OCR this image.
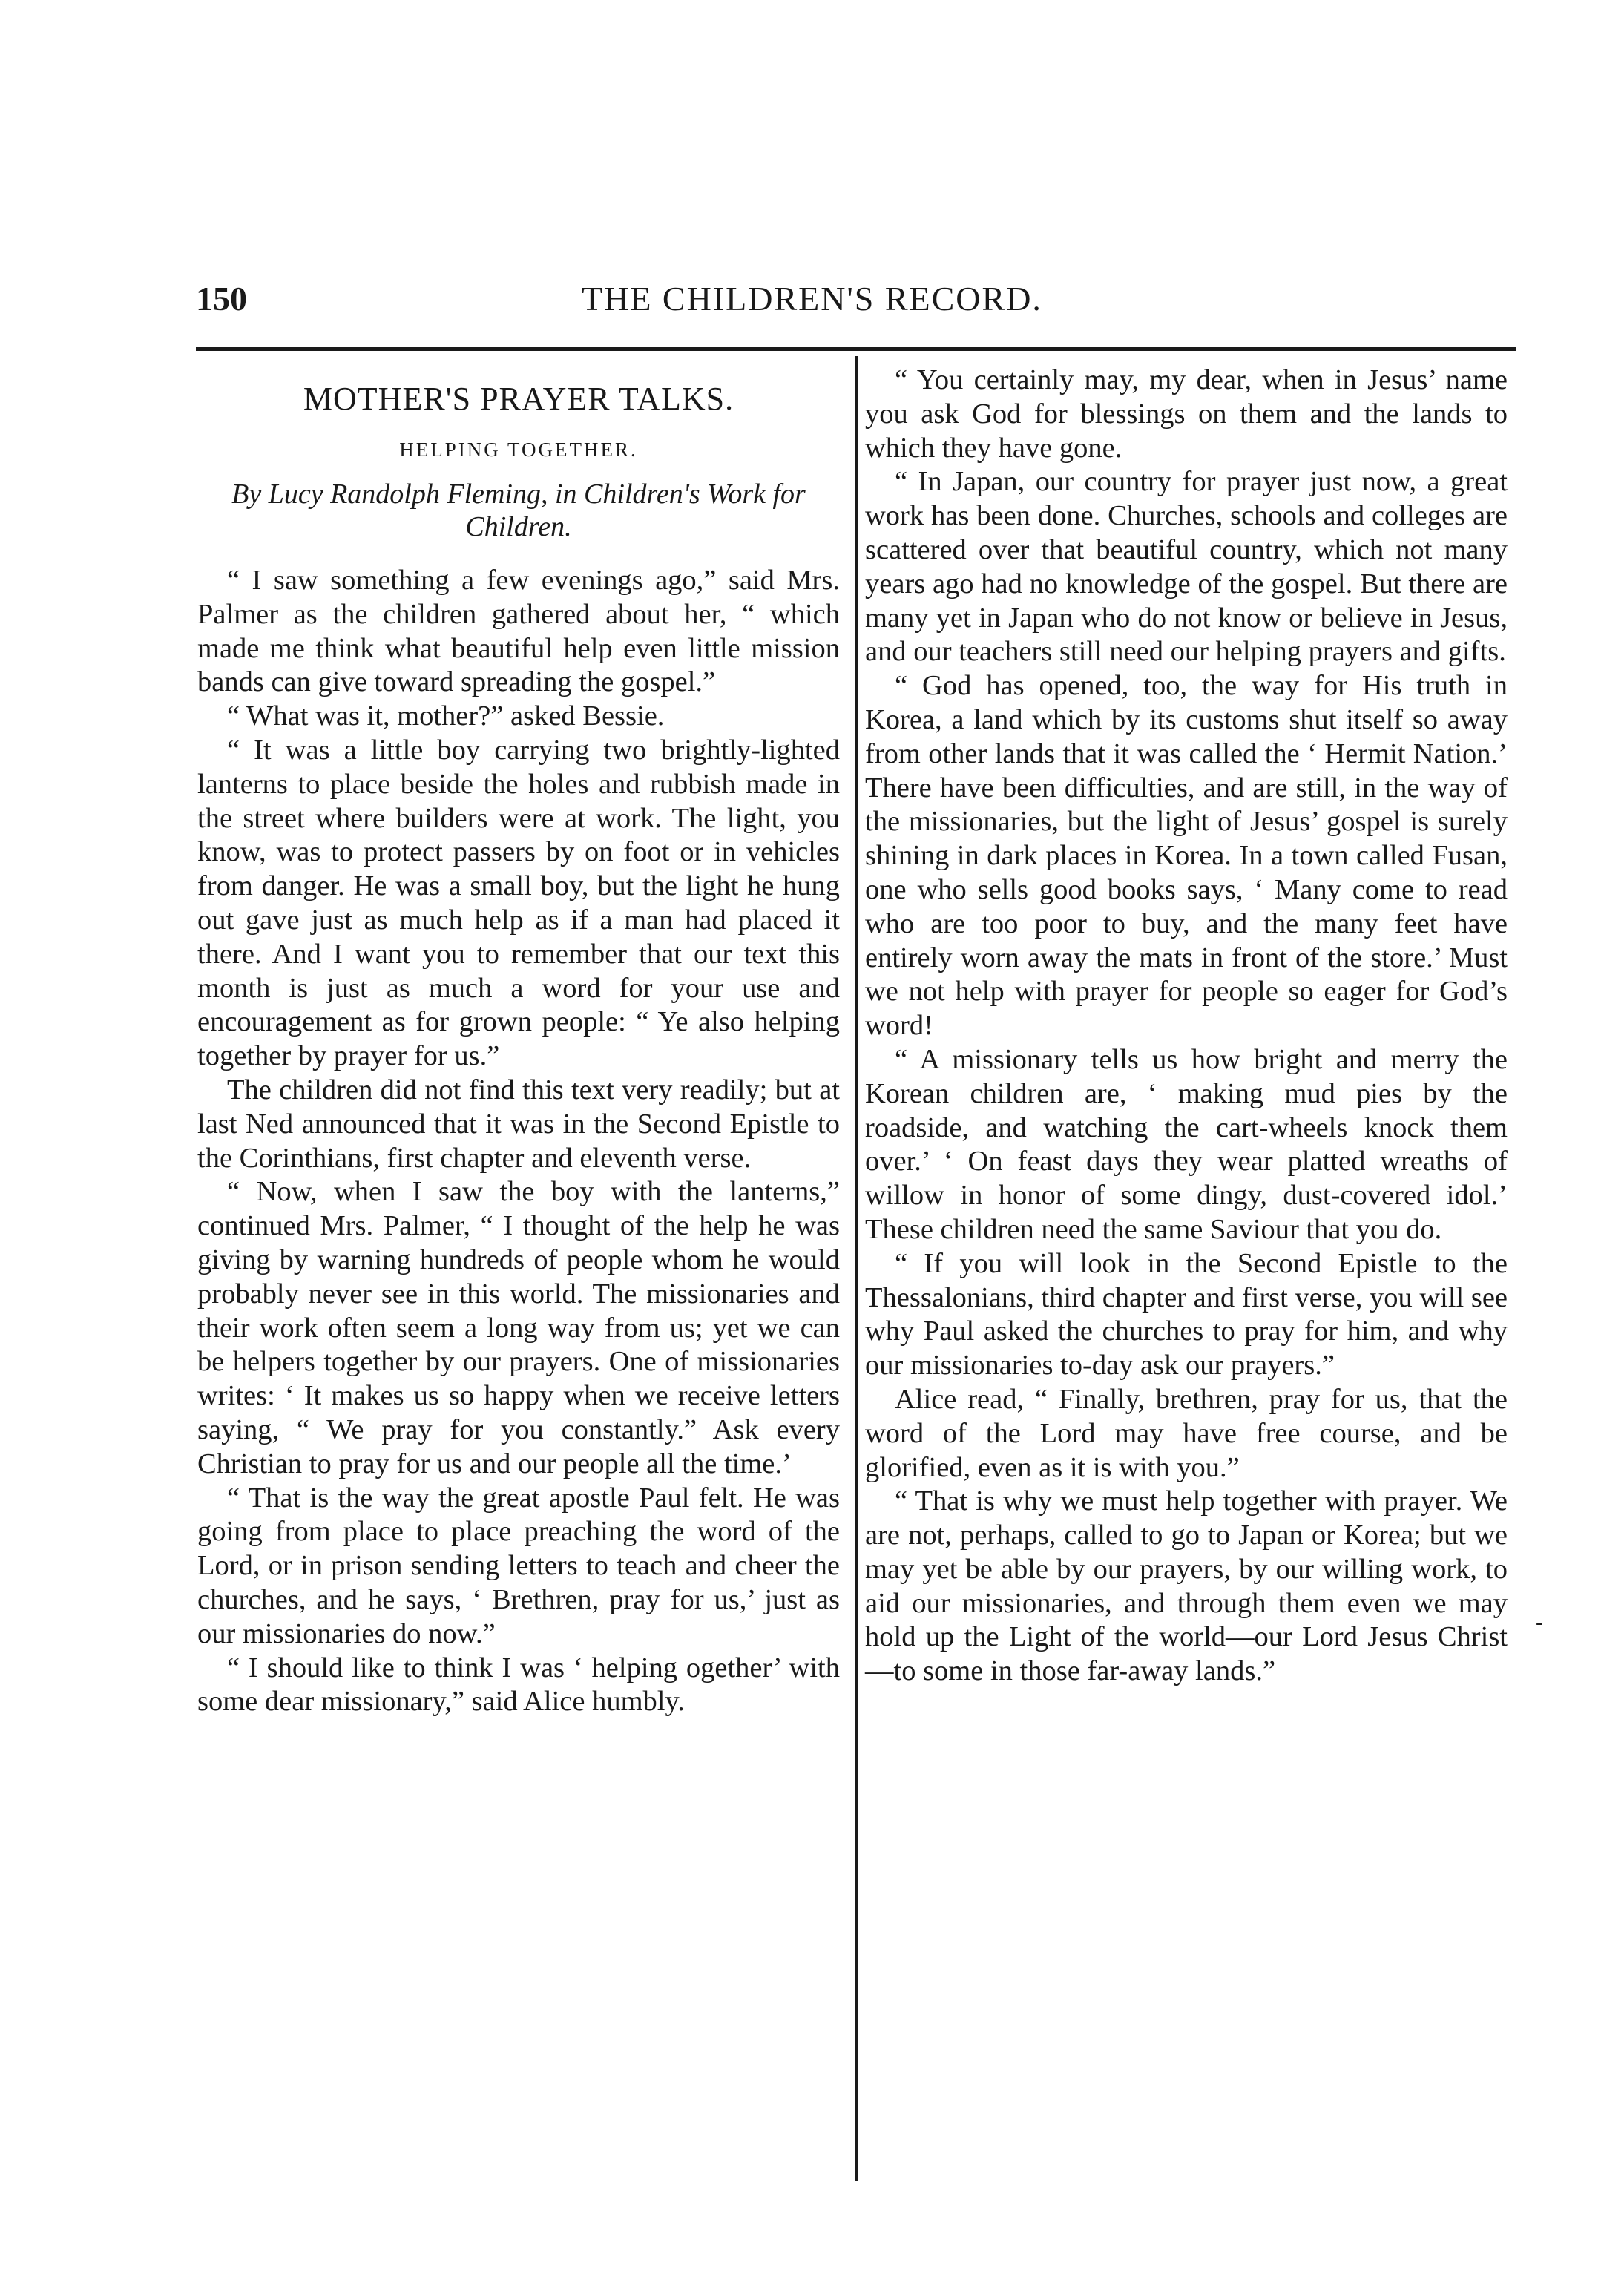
150	THE CHILDREN'S RECORD.
MOTHER'S PRAYER TALKS.
HELPING TOGETHER.
By Lucy Randolph Fleming, in Children's Work for Children.

“ I saw something a few evenings ago,” said Mrs. Palmer as the children gathered about her, “ which made me think what beautiful help even little mission bands can give toward spreading the gospel.”

“ What was it, mother?” asked Bessie.

“ It was a little boy carrying two brightly-lighted lanterns to place beside the holes and rubbish made in the street where builders were at work. The light, you know, was to protect passers by on foot or in vehicles from danger. He was a small boy, but the light he hung out gave just as much help as if a man had placed it there. And I want you to remember that our text this month is just as much a word for your use and encouragement as for grown people: “ Ye also helping together by prayer for us.”

The children did not find this text very readily; but at last Ned announced that it was in the Second Epistle to the Corinthians, first chapter and eleventh verse.

“ Now, when I saw the boy with the lanterns,” continued Mrs. Palmer, “ I thought of the help he was giving by warning hundreds of people whom he would probably never see in this world. The missionaries and their work often seem a long way from us; yet we can be helpers together by our prayers. One of missionaries writes: ‘ It makes us so happy when we receive letters saying, “ We pray for you constantly.” Ask every Christian to pray for us and our people all the time.’

“ That is the way the great apostle Paul felt. He was going from place to place preaching the word of the Lord, or in prison sending letters to teach and cheer the churches, and he says, ‘ Brethren, pray for us,’ just as our missionaries do now.”

“ I should like to think I was ‘ helping ogether’ with some dear missionary,” said Alice humbly.

“ You certainly may, my dear, when in Jesus’ name you ask God for blessings on them and the lands to which they have gone.

“ In Japan, our country for prayer just now, a great work has been done. Churches, schools and colleges are scattered over that beautiful country, which not many years ago had no knowledge of the gospel. But there are many yet in Japan who do not know or believe in Jesus, and our teachers still need our helping prayers and gifts.

“ God has opened, too, the way for His truth in Korea, a land which by its customs shut itself so away from other lands that it was called the ‘ Hermit Nation.’ There have been difficulties, and are still, in the way of the missionaries, but the light of Jesus’ gospel is surely shining in dark places in Korea. In a town called Fusan, one who sells good books says, ‘ Many come to read who are too poor to buy, and the many feet have entirely worn away the mats in front of the store.’ Must we not help with prayer for people so eager for God’s word!

“ A missionary tells us how bright and merry the Korean children are, ‘ making mud pies by the roadside, and watching the cart-wheels knock them over.’ ‘ On feast days they wear platted wreaths of willow in honor of some dingy, dust-covered idol.’ These children need the same Saviour that you do.

“ If you will look in the Second Epistle to the Thessalonians, third chapter and first verse, you will see why Paul asked the churches to pray for him, and why our missionaries to-day ask our prayers.”

Alice read, “ Finally, brethren, pray for us, that the word of the Lord may have free course, and be glorified, even as it is with you.”

“ That is why we must help together with prayer. We are not, perhaps, called to go to Japan or Korea; but we may yet be able by our prayers, by our willing work, to aid our missionaries, and through them even we may hold up the Light of the world—our Lord Jesus Christ—to some in those far-away lands.”

-
